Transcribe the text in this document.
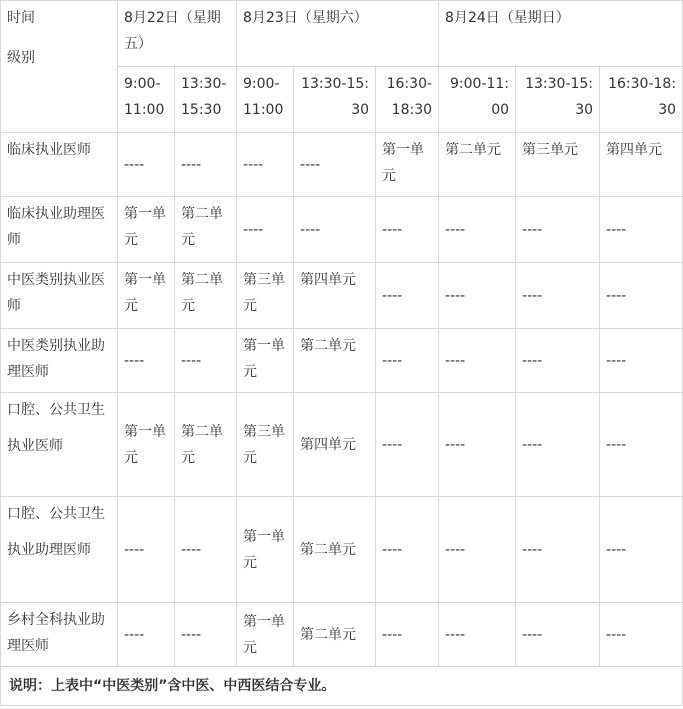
时间
级别	8月22日（星期五）		8月23日（星期六）			8月24日（星期日）		
	9:00-11:00	13:30-15:30	9:00-11:00	13:30-15:30	16:30-18:30	9:00-11:00	13:30-15:30	16:30-18:30
临床执业医师	----	----	----	----	第一单元	第二单元	第三单元	第四单元
临床执业助理医师	第一单元	第二单元	----	----	----	----	----	----
中医类别执业医师	第一单元	第二单元	第三单元	第四单元	----	----	----	----
中医类别执业助理医师	----	----	第一单元	第二单元	----	----	----	----

口腔、公共卫生
执业医师	第一单元	第二单元	第三单元	第四单元	----	----	----	----

口腔、公共卫生
执业助理医师	----	----	第一单元	第二单元	----	----	----	----
乡村全科执业助理医师	----	----	第一单元	第二单元	----	----	----	----
说明：上表中“中医类别”含中医、中西医结合专业。								
